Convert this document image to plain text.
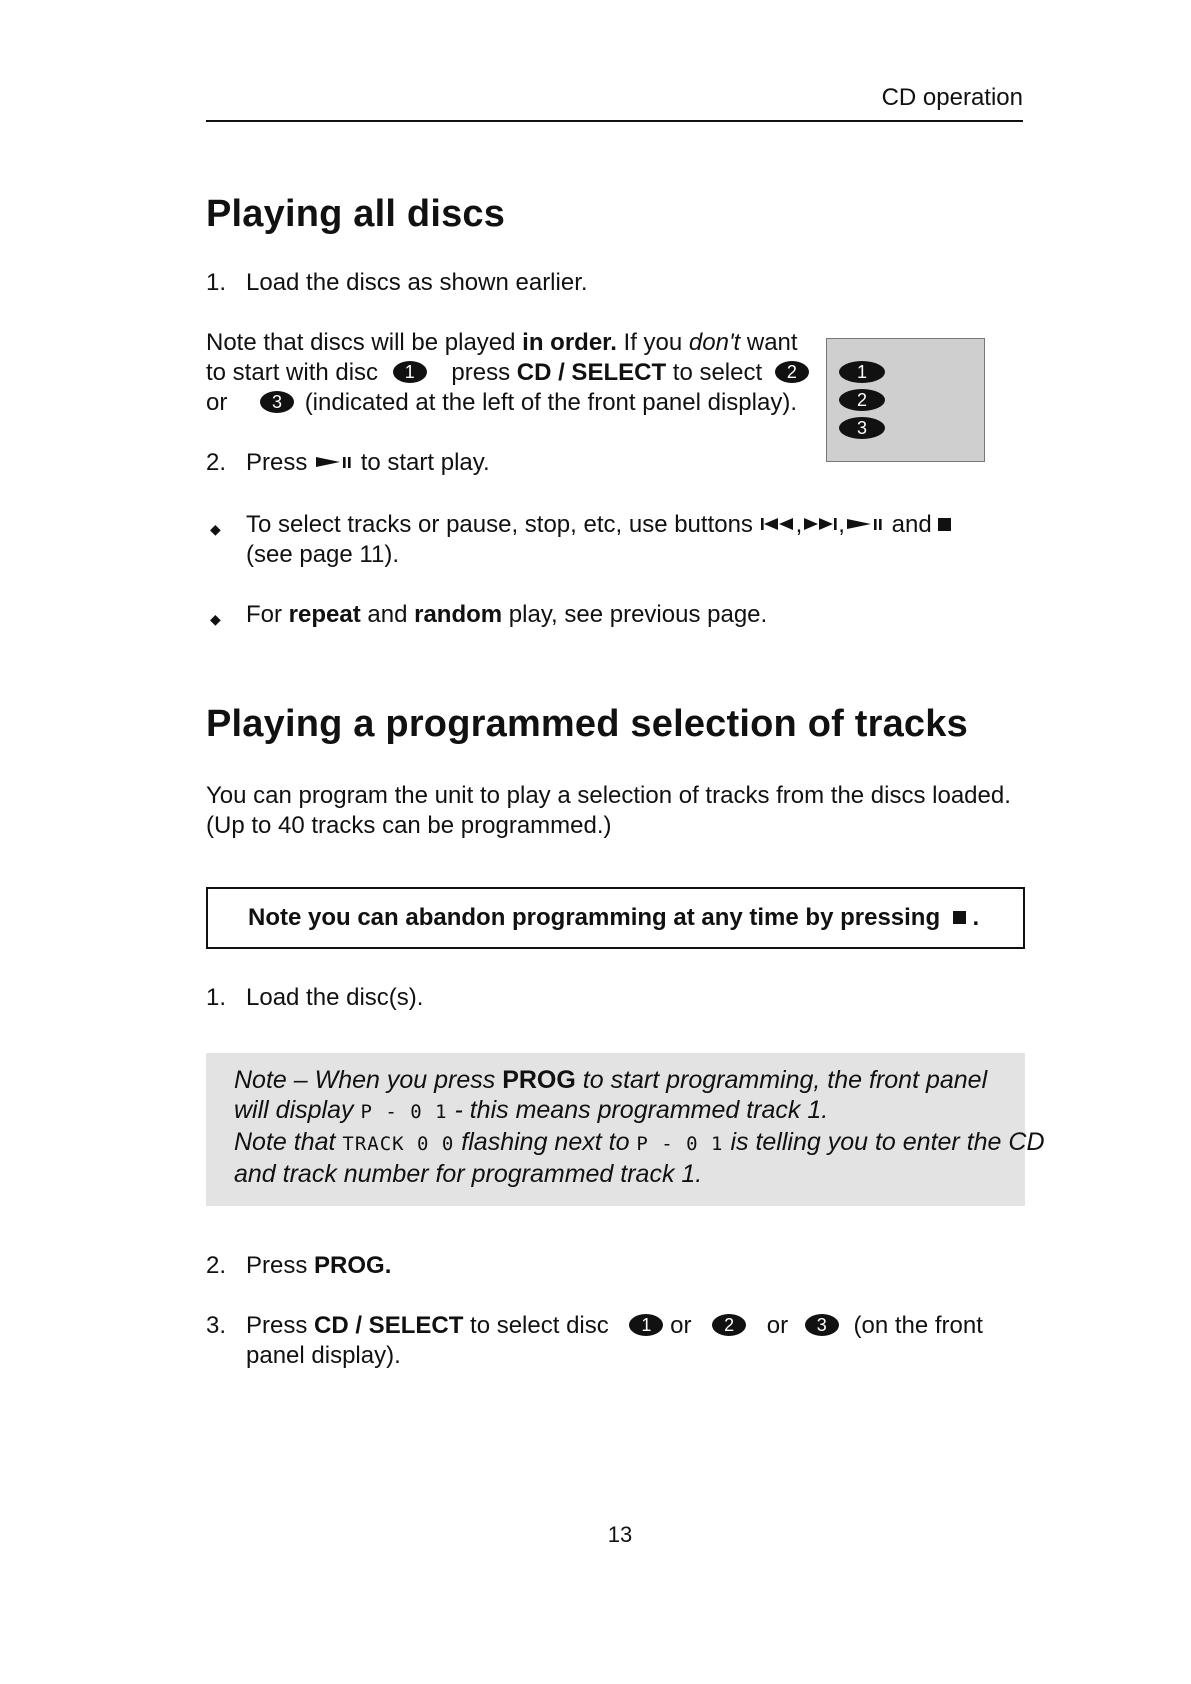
CD operation
Playing all discs
1. Load the discs as shown earlier.
Note that discs will be played in order. If you don't want
to start with disc 1 press CD / SELECT to select 2
or 3 (indicated at the left of the front panel display).
1
2
3
2. Press to start play.
◆	To select tracks or pause, stop, etc, use buttons , , and
(see page 11).
◆	For repeat and random play, see previous page.
Playing a programmed selection of tracks
You can program the unit to play a selection of tracks from the discs loaded.
(Up to 40 tracks can be programmed.)
Note you can abandon programming at any time by pressing .
1. Load the disc(s).
Note – When you press PROG to start programming, the front panel
will display P - 0 1 - this means programmed track 1.
Note that TRACK 0 0 flashing next to P - 0 1 is telling you to enter the CD
and track number for programmed track 1.
2. Press PROG.
3. Press CD / SELECT to select disc 1 or 2 or 3 (on the front
panel display).
13
